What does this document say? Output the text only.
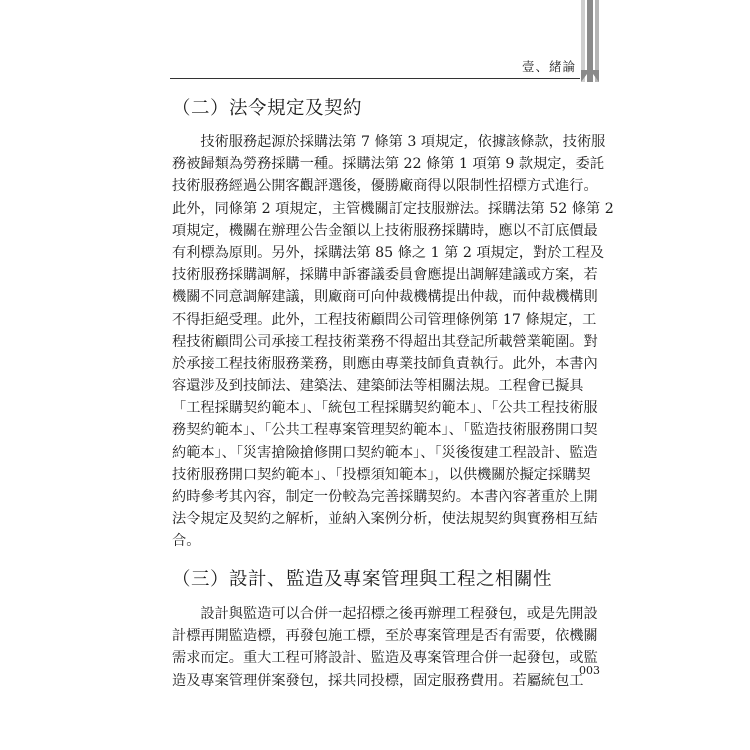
壹、緒論
（二）法令規定及契約
　　技術服務起源於採購法第 7 條第 3 項規定，依據該條款，技術服
務被歸類為勞務採購一種。採購法第 22 條第 1 項第 9 款規定，委託
技術服務經過公開客觀評選後，優勝廠商得以限制性招標方式進行。
此外，同條第 2 項規定，主管機關訂定技服辦法。採購法第 52 條第 2
項規定，機關在辦理公告金額以上技術服務採購時，應以不訂底價最
有利標為原則。另外，採購法第 85 條之 1 第 2 項規定，對於工程及
技術服務採購調解，採購申訴審議委員會應提出調解建議或方案，若
機關不同意調解建議，則廠商可向仲裁機構提出仲裁，而仲裁機構則
不得拒絕受理。此外，工程技術顧問公司管理條例第 17 條規定，工
程技術顧問公司承接工程技術業務不得超出其登記所載營業範圍。對
於承接工程技術服務業務，則應由專業技師負責執行。此外，本書內
容還涉及到技師法、建築法、建築師法等相關法規。工程會已擬具
「工程採購契約範本」、「統包工程採購契約範本」、「公共工程技術服
務契約範本」、「公共工程專案管理契約範本」、「監造技術服務開口契
約範本」、「災害搶險搶修開口契約範本」、「災後復建工程設計、監造
技術服務開口契約範本」、「投標須知範本」，以供機關於擬定採購契
約時參考其內容，制定一份較為完善採購契約。本書內容著重於上開
法令規定及契約之解析，並納入案例分析，使法規契約與實務相互結
合。
（三）設計、監造及專案管理與工程之相關性
　　設計與監造可以合併一起招標之後再辦理工程發包，或是先開設
計標再開監造標，再發包施工標，至於專案管理是否有需要，依機關
需求而定。重大工程可將設計、監造及專案管理合併一起發包，或監
造及專案管理併案發包，採共同投標，固定服務費用。若屬統包工
003
